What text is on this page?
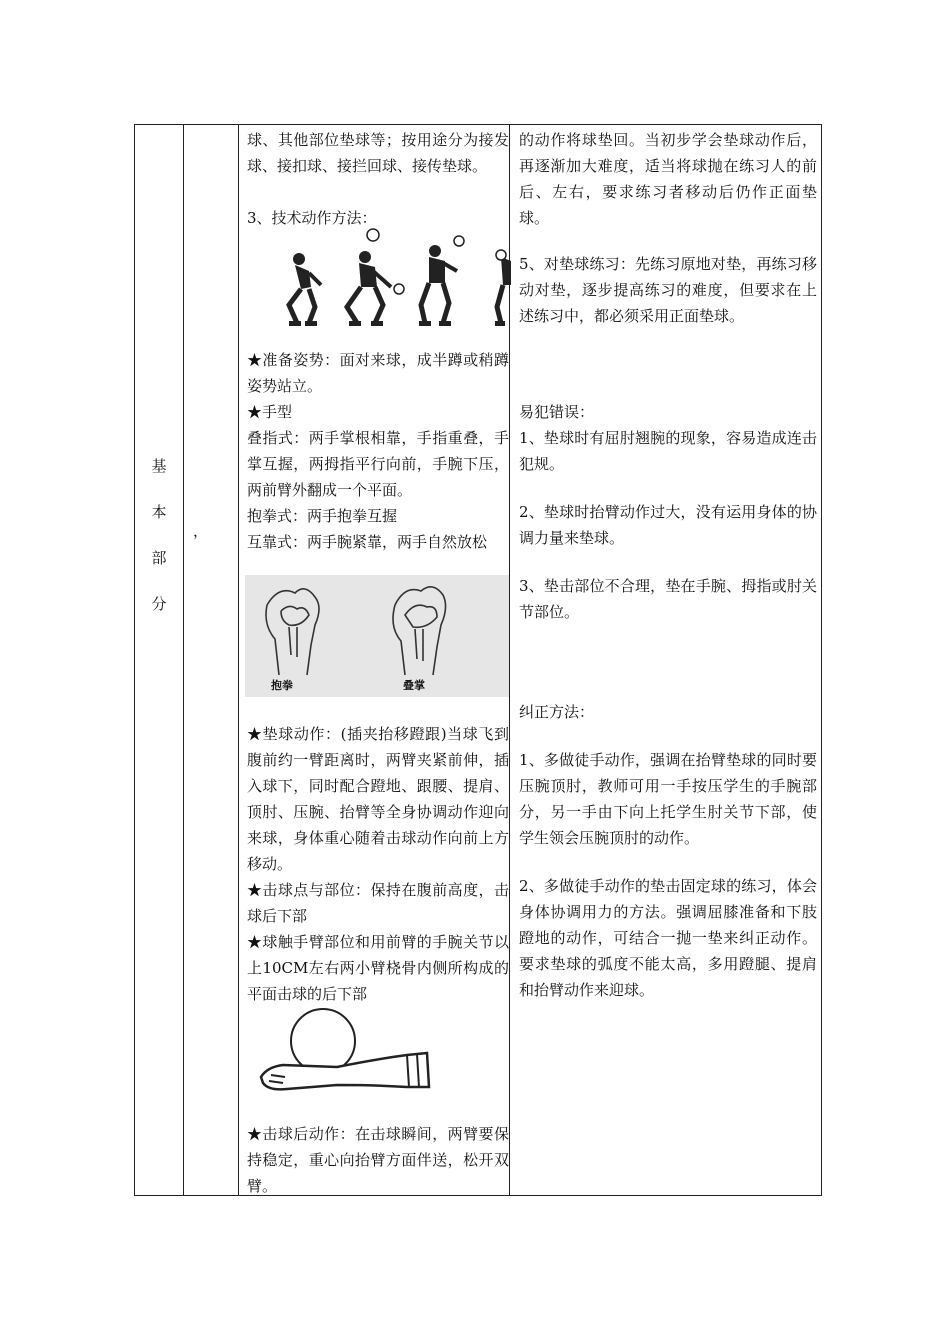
基
本
部
分
，

球、其他部位垫球等；按用途分为接发球、接扣球、接拦回球、接传垫球。

3、技术动作方法：

★准备姿势：面对来球，成半蹲或稍蹲姿势站立。

★手型

叠指式：两手掌根相靠，手指重叠，手掌互握，两拇指平行向前，手腕下压，两前臂外翻成一个平面。

抱拳式：两手抱拳互握

互靠式：两手腕紧靠，两手自然放松

抱拳	叠掌

★垫球动作：(插夹抬移蹬跟)当球飞到腹前约一臂距离时，两臂夹紧前伸，插入球下，同时配合蹬地、跟腰、提肩、顶肘、压腕、抬臂等全身协调动作迎向来球，身体重心随着击球动作向前上方移动。

★击球点与部位：保持在腹前高度，击球后下部

★球触手臂部位和用前臂的手腕关节以上10CM左右两小臂桡骨内侧所构成的平面击球的后下部

★击球后动作：在击球瞬间，两臂要保持稳定，重心向抬臂方面伴送，松开双臂。

的动作将球垫回。当初步学会垫球动作后，再逐渐加大难度，适当将球抛在练习人的前后、左右，要求练习者移动后仍作正面垫球。

5、对垫球练习：先练习原地对垫，再练习移动对垫，逐步提高练习的难度，但要求在上述练习中，都必须采用正面垫球。

易犯错误：

1、垫球时有屈肘翘腕的现象，容易造成连击犯规。

2、垫球时抬臂动作过大，没有运用身体的协调力量来垫球。

3、垫击部位不合理，垫在手腕、拇指或肘关节部位。

纠正方法：

1、多做徒手动作，强调在抬臂垫球的同时要压腕顶肘，教师可用一手按压学生的手腕部分，另一手由下向上托学生肘关节下部，使学生领会压腕顶肘的动作。

2、多做徒手动作的垫击固定球的练习，体会身体协调用力的方法。强调屈膝准备和下肢蹬地的动作，可结合一抛一垫来纠正动作。要求垫球的弧度不能太高，多用蹬腿、提肩和抬臂动作来迎球。
